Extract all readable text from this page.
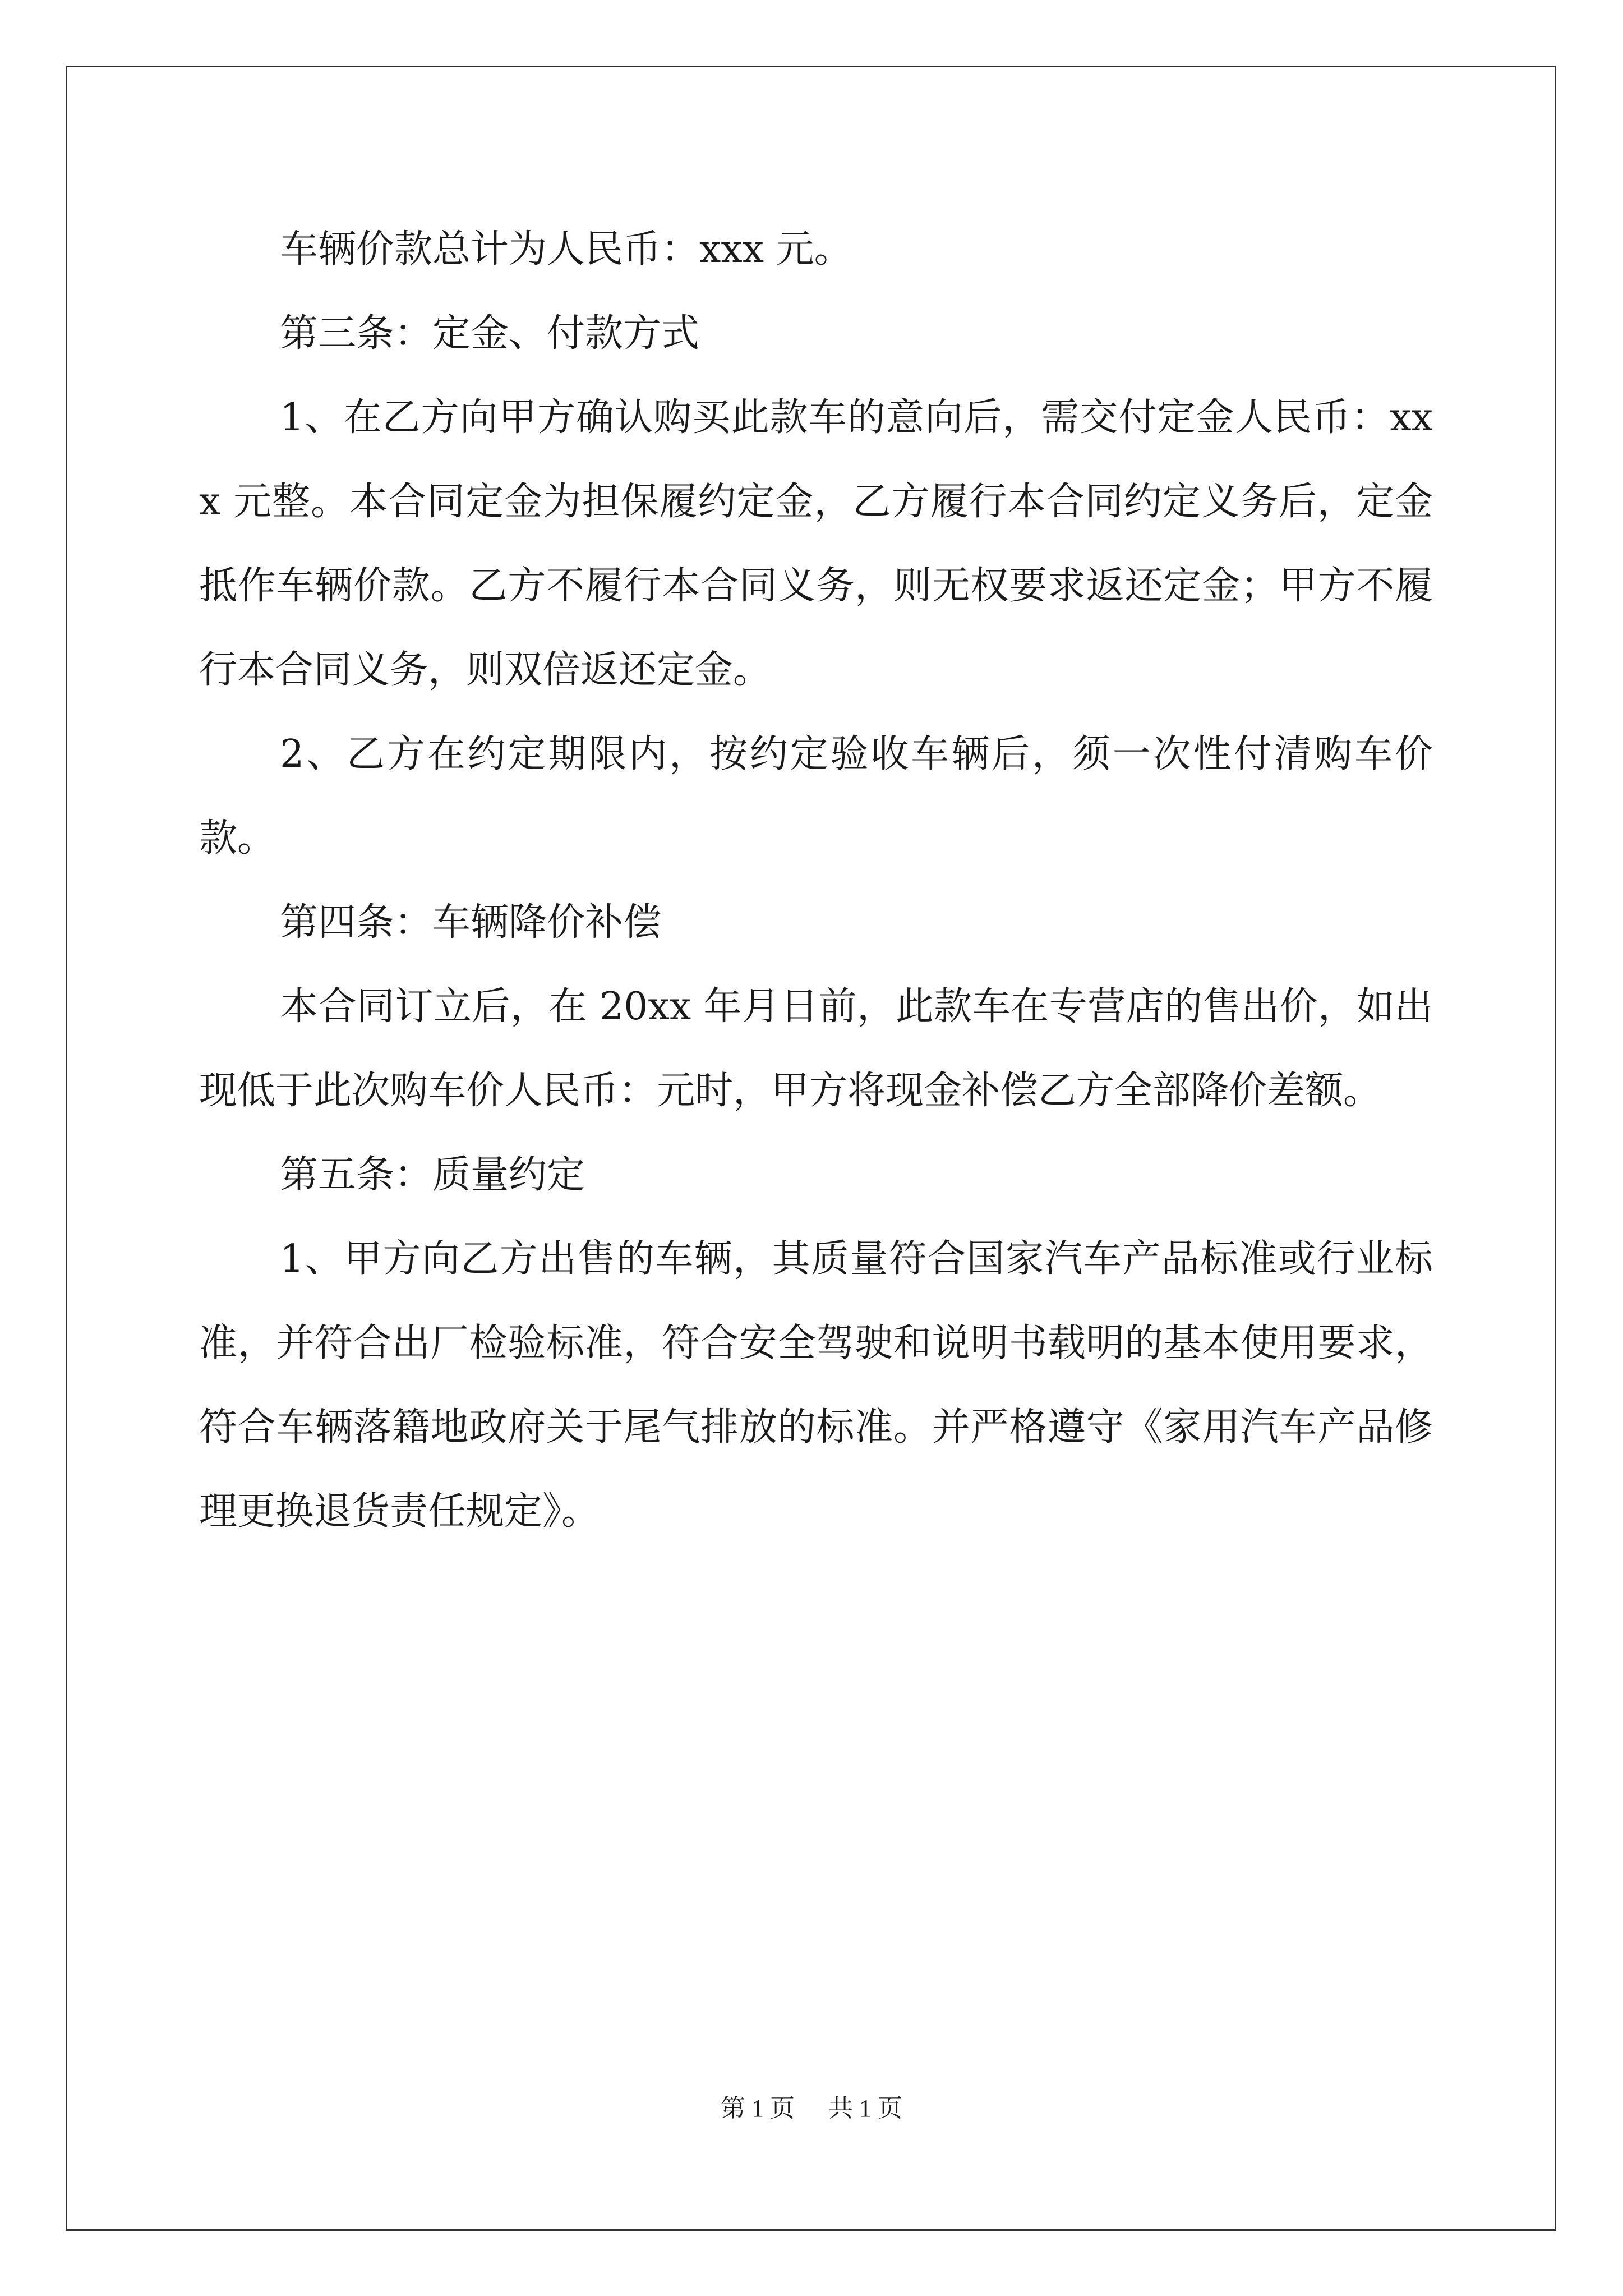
车辆价款总计为人民币：xxx 元。

第三条：定金、付款方式

1、在乙方向甲方确认购买此款车的意向后，需交付定金人民币：xxx 元整。本合同定金为担保履约定金，乙方履行本合同约定义务后，定金抵作车辆价款。乙方不履行本合同义务，则无权要求返还定金；甲方不履行本合同义务，则双倍返还定金。

2、乙方在约定期限内，按约定验收车辆后，须一次性付清购车价款。

第四条：车辆降价补偿

本合同订立后，在 20xx 年月日前，此款车在专营店的售出价，如出现低于此次购车价人民币：元时，甲方将现金补偿乙方全部降价差额。

第五条：质量约定

1、甲方向乙方出售的车辆，其质量符合国家汽车产品标准或行业标准，并符合出厂检验标准，符合安全驾驶和说明书载明的基本使用要求，符合车辆落籍地政府关于尾气排放的标准。并严格遵守《家用汽车产品修理更换退货责任规定》。

第 1 页 共 1 页
